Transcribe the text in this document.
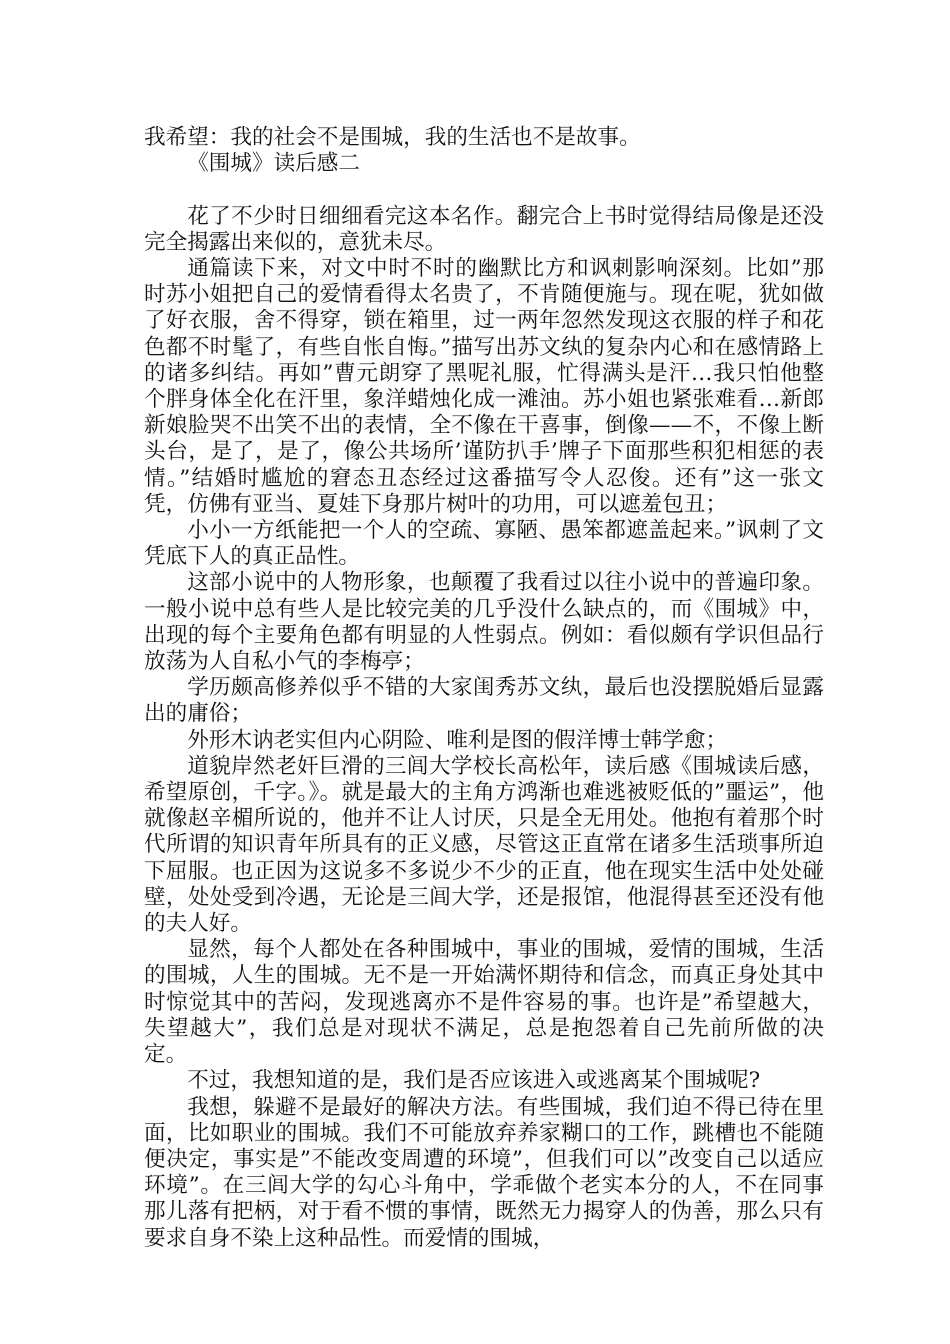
我希望：我的社会不是围城，我的生活也不是故事。

《围城》读后感二

花了不少时日细细看完这本名作。翻完合上书时觉得结局像是还没完全揭露出来似的，意犹未尽。

通篇读下来，对文中时不时的幽默比方和讽刺影响深刻。比如”那时苏小姐把自己的爱情看得太名贵了，不肯随便施与。现在呢，犹如做了好衣服，舍不得穿，锁在箱里，过一两年忽然发现这衣服的样子和花色都不时髦了，有些自怅自悔。”描写出苏文纨的复杂内心和在感情路上的诸多纠结。再如”曹元朗穿了黑呢礼服，忙得满头是汗…我只怕他整个胖身体全化在汗里，象洋蜡烛化成一滩油。苏小姐也紧张难看…新郎新娘脸哭不出笑不出的表情，全不像在干喜事，倒像——不，不像上断头台，是了，是了，像公共场所’谨防扒手’牌子下面那些积犯相惩的表情。”结婚时尴尬的窘态丑态经过这番描写令人忍俊。还有”这一张文凭，仿佛有亚当、夏娃下身那片树叶的功用，可以遮羞包丑；

小小一方纸能把一个人的空疏、寡陋、愚笨都遮盖起来。”讽刺了文凭底下人的真正品性。

这部小说中的人物形象，也颠覆了我看过以往小说中的普遍印象。一般小说中总有些人是比较完美的几乎没什么缺点的，而《围城》中，出现的每个主要角色都有明显的人性弱点。例如：看似颇有学识但品行放荡为人自私小气的李梅亭；

学历颇高修养似乎不错的大家闺秀苏文纨，最后也没摆脱婚后显露出的庸俗；

外形木讷老实但内心阴险、唯利是图的假洋博士韩学愈；

道貌岸然老奸巨滑的三闾大学校长高松年，读后感《围城读后感，希望原创，千字。》。就是最大的主角方鸿渐也难逃被贬低的”噩运”，他就像赵辛楣所说的，他并不让人讨厌，只是全无用处。他抱有着那个时代所谓的知识青年所具有的正义感，尽管这正直常在诸多生活琐事所迫下屈服。也正因为这说多不多说少不少的正直，他在现实生活中处处碰壁，处处受到冷遇，无论是三闾大学，还是报馆，他混得甚至还没有他的夫人好。

显然，每个人都处在各种围城中，事业的围城，爱情的围城，生活的围城，人生的围城。无不是一开始满怀期待和信念，而真正身处其中时惊觉其中的苦闷，发现逃离亦不是件容易的事。也许是”希望越大，失望越大”，我们总是对现状不满足，总是抱怨着自己先前所做的决定。

不过，我想知道的是，我们是否应该进入或逃离某个围城呢?

我想，躲避不是最好的解决方法。有些围城，我们迫不得已待在里面，比如职业的围城。我们不可能放弃养家糊口的工作，跳槽也不能随便决定，事实是”不能改变周遭的环境”，但我们可以”改变自己以适应环境”。在三闾大学的勾心斗角中，学乖做个老实本分的人，不在同事那儿落有把柄，对于看不惯的事情，既然无力揭穿人的伪善，那么只有要求自身不染上这种品性。而爱情的围城，
